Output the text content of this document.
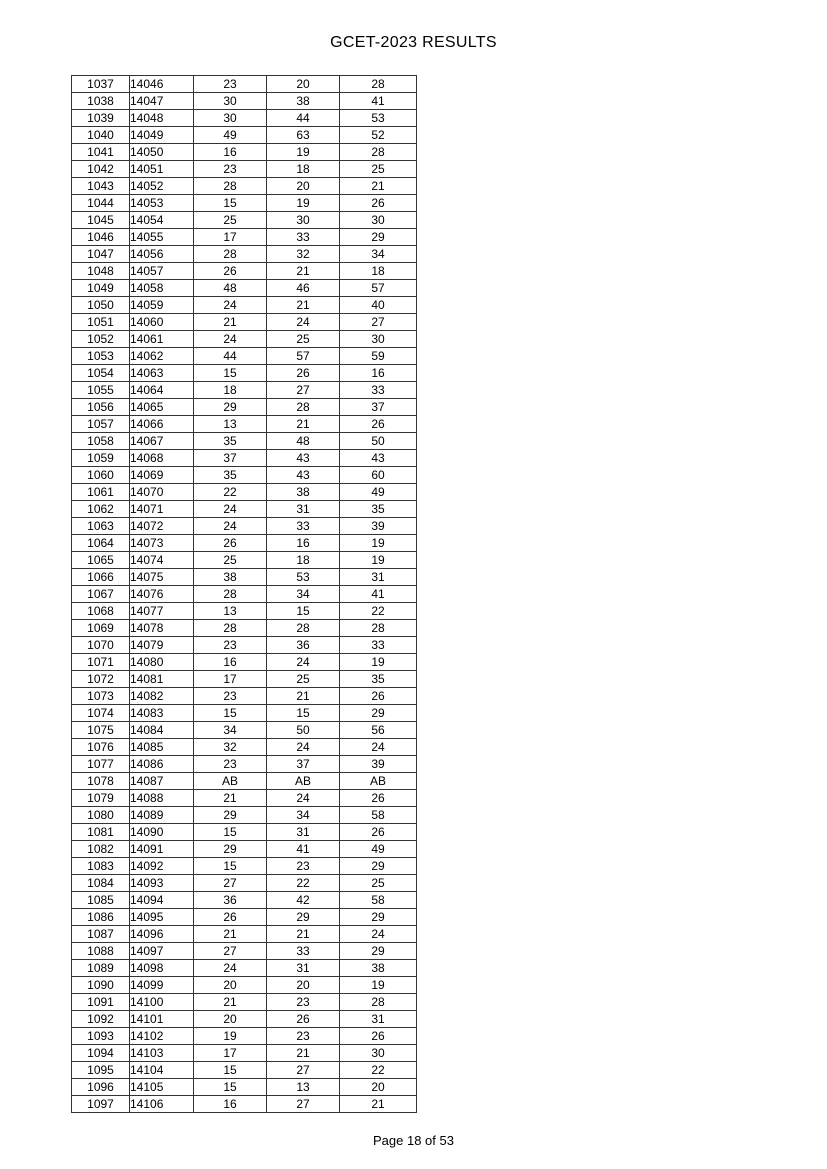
GCET-2023 RESULTS
1037	14046	23	20	28
1038	14047	30	38	41
1039	14048	30	44	53
1040	14049	49	63	52
1041	14050	16	19	28
1042	14051	23	18	25
1043	14052	28	20	21
1044	14053	15	19	26
1045	14054	25	30	30
1046	14055	17	33	29
1047	14056	28	32	34
1048	14057	26	21	18
1049	14058	48	46	57
1050	14059	24	21	40
1051	14060	21	24	27
1052	14061	24	25	30
1053	14062	44	57	59
1054	14063	15	26	16
1055	14064	18	27	33
1056	14065	29	28	37
1057	14066	13	21	26
1058	14067	35	48	50
1059	14068	37	43	43
1060	14069	35	43	60
1061	14070	22	38	49
1062	14071	24	31	35
1063	14072	24	33	39
1064	14073	26	16	19
1065	14074	25	18	19
1066	14075	38	53	31
1067	14076	28	34	41
1068	14077	13	15	22
1069	14078	28	28	28
1070	14079	23	36	33
1071	14080	16	24	19
1072	14081	17	25	35
1073	14082	23	21	26
1074	14083	15	15	29
1075	14084	34	50	56
1076	14085	32	24	24
1077	14086	23	37	39
1078	14087	AB	AB	AB
1079	14088	21	24	26
1080	14089	29	34	58
1081	14090	15	31	26
1082	14091	29	41	49
1083	14092	15	23	29
1084	14093	27	22	25
1085	14094	36	42	58
1086	14095	26	29	29
1087	14096	21	21	24
1088	14097	27	33	29
1089	14098	24	31	38
1090	14099	20	20	19
1091	14100	21	23	28
1092	14101	20	26	31
1093	14102	19	23	26
1094	14103	17	21	30
1095	14104	15	27	22
1096	14105	15	13	20
1097	14106	16	27	21
Page 18 of 53
